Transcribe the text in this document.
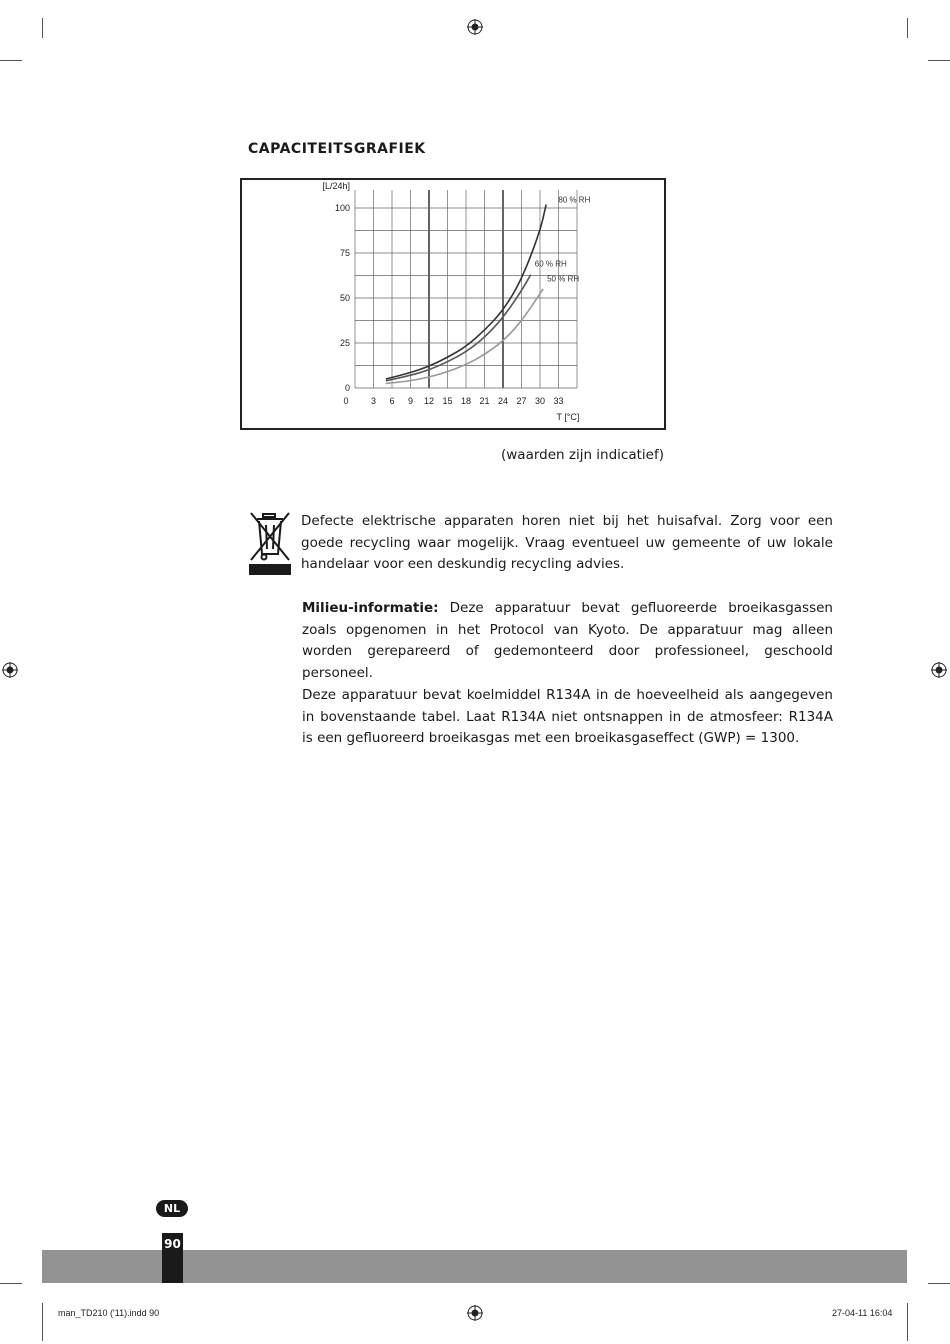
CAPACITEITSGRAFIEK
0
25
50
75
100
0 3 6 9 12 15 18 21 24 27 30 33
[L/24h]
T [°C]
80 % RH
60 % RH
50 % RH
(waarden zijn indicatief)

Defecte elektrische apparaten horen niet bij het huisafval. Zorg voor een goede recycling waar mogelijk. Vraag eventueel uw gemeente of uw lokale handelaar voor een deskundig recycling advies.

Milieu-informatie: Deze apparatuur bevat gefluoreerde broeikasgassen zoals opgenomen in het Protocol van Kyoto. De apparatuur mag alleen worden gerepareerd of gedemonteerd door professioneel, geschoold personeel.

Deze apparatuur bevat koelmiddel R134A in de hoeveelheid als aangegeven in bovenstaande tabel. Laat R134A niet ontsnappen in de atmosfeer: R134A is een gefluoreerd broeikasgas met een broeikasgaseffect (GWP) = 1300.

NL
90
man_TD210 ('11).indd 90	27-04-11 16:04
